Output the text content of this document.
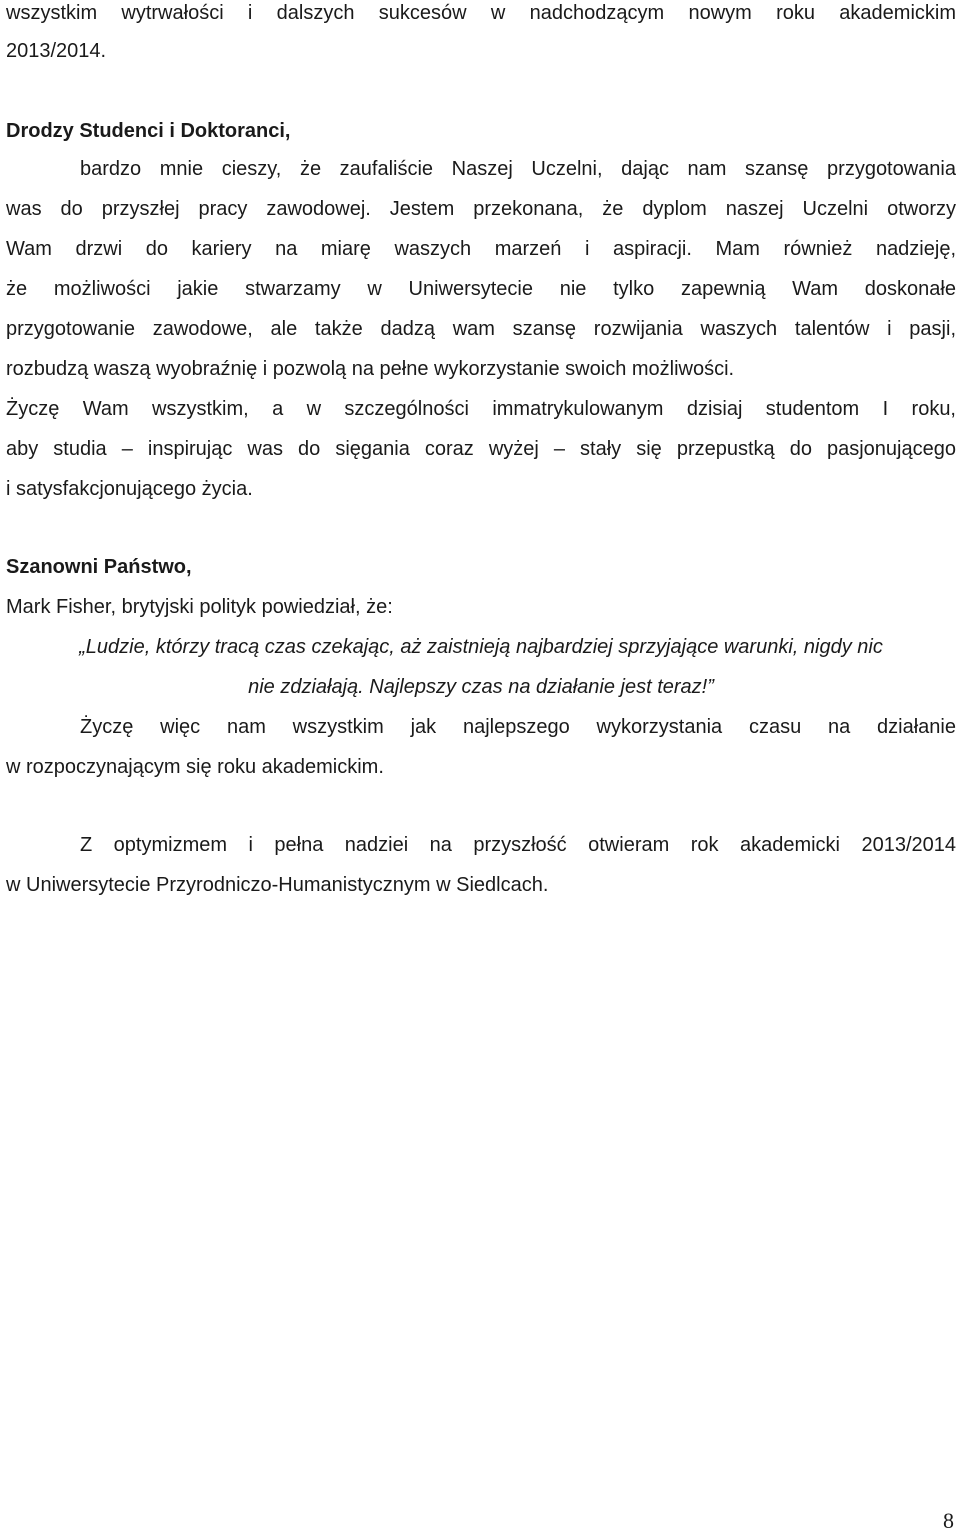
wszystkim wytrwałości i dalszych sukcesów w nadchodzącym nowym roku akademickim
2013/2014.
Drodzy Studenci i Doktoranci,
bardzo mnie cieszy, że zaufaliście Naszej Uczelni, dając nam szansę przygotowania
was do przyszłej pracy zawodowej. Jestem przekonana, że dyplom naszej Uczelni otworzy
Wam drzwi do kariery na miarę waszych marzeń i aspiracji. Mam również nadzieję,
że możliwości jakie stwarzamy w Uniwersytecie nie tylko zapewnią Wam doskonałe
przygotowanie zawodowe, ale także dadzą wam szansę rozwijania waszych talentów i pasji,
rozbudzą waszą wyobraźnię i pozwolą na pełne wykorzystanie swoich możliwości.
Życzę Wam wszystkim, a w szczególności immatrykulowanym dzisiaj studentom I roku,
aby studia – inspirując was do sięgania coraz wyżej – stały się przepustką do pasjonującego
i satysfakcjonującego życia.
Szanowni Państwo,
Mark Fisher, brytyjski polityk powiedział, że:
„Ludzie, którzy tracą czas czekając, aż zaistnieją najbardziej sprzyjające warunki, nigdy nic
nie zdziałają. Najlepszy czas na działanie jest teraz!”
Życzę więc nam wszystkim jak najlepszego wykorzystania czasu na działanie
w rozpoczynającym się roku akademickim.
Z optymizmem i pełna nadziei na przyszłość otwieram rok akademicki 2013/2014
w Uniwersytecie Przyrodniczo-Humanistycznym w Siedlcach.
8
